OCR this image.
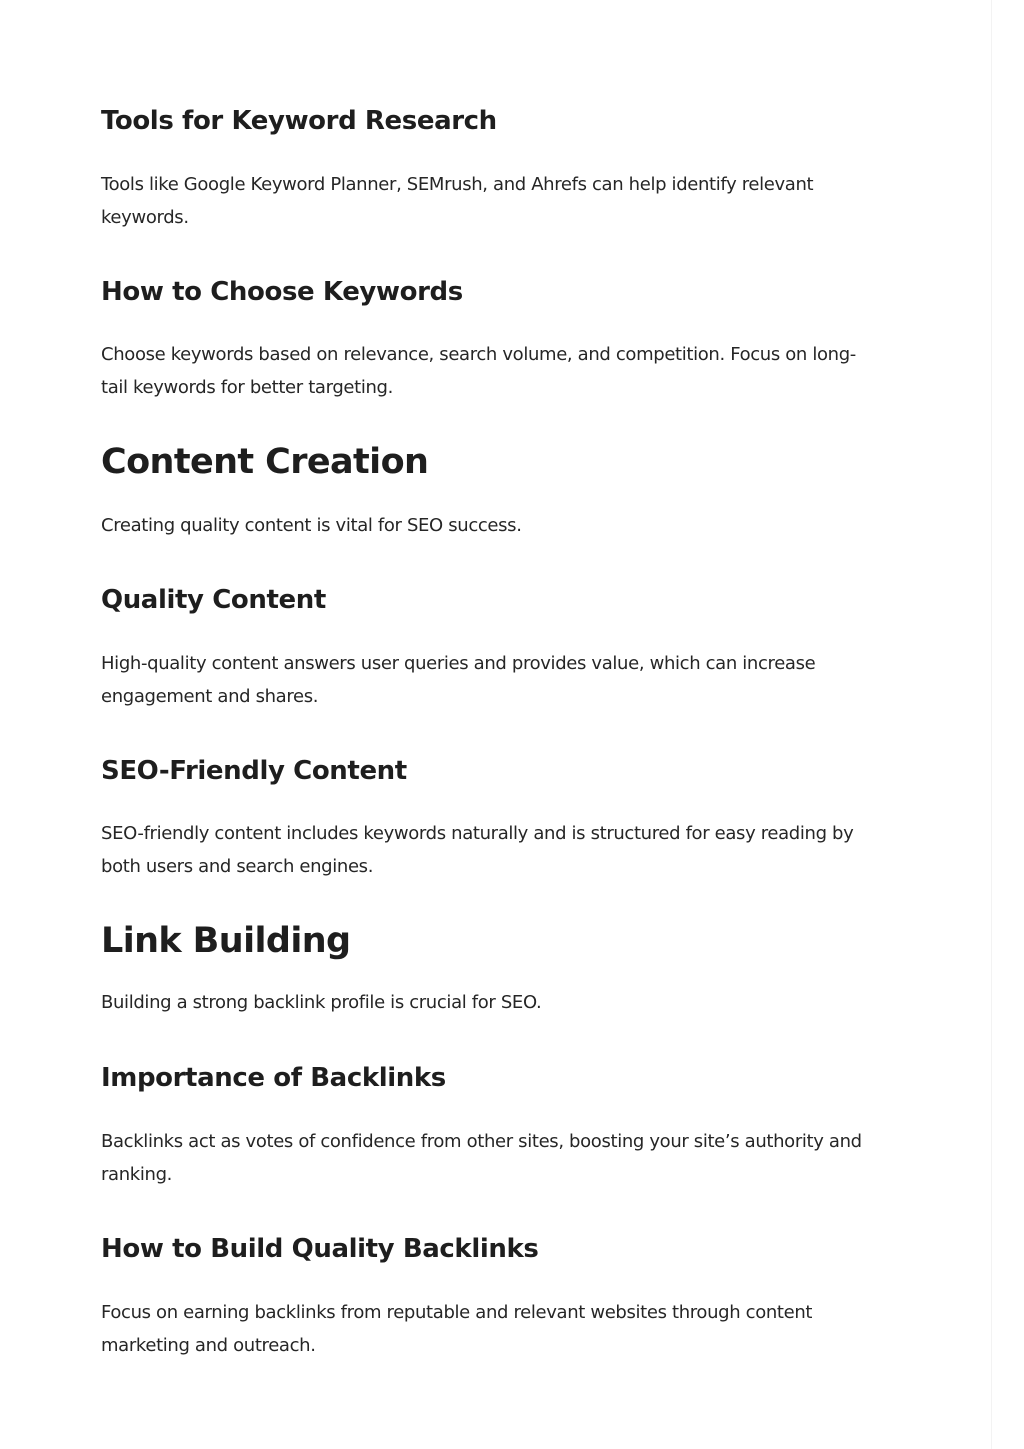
Tools for Keyword Research

Tools like Google Keyword Planner, SEMrush, and Ahrefs can help identify relevant
keywords.

How to Choose Keywords

Choose keywords based on relevance, search volume, and competition. Focus on long-
tail keywords for better targeting.

Content Creation

Creating quality content is vital for SEO success.

Quality Content

High-quality content answers user queries and provides value, which can increase
engagement and shares.

SEO-Friendly Content

SEO-friendly content includes keywords naturally and is structured for easy reading by
both users and search engines.

Link Building

Building a strong backlink profile is crucial for SEO.

Importance of Backlinks

Backlinks act as votes of confidence from other sites, boosting your site’s authority and
ranking.

How to Build Quality Backlinks

Focus on earning backlinks from reputable and relevant websites through content
marketing and outreach.
